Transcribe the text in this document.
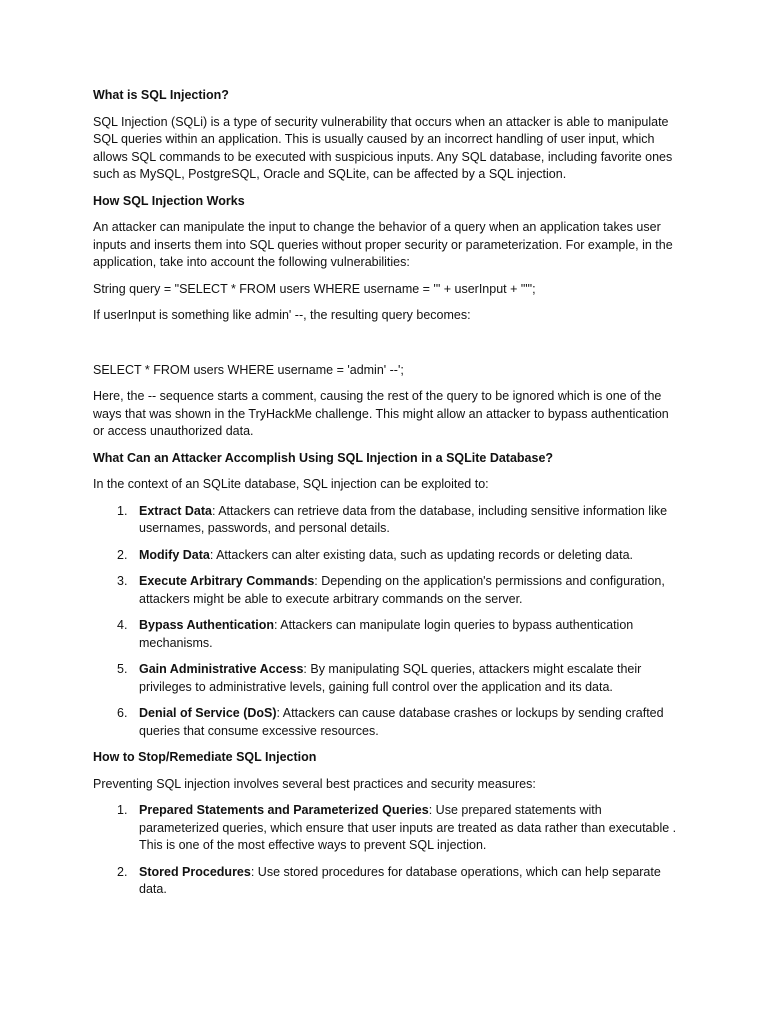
What is SQL Injection?

SQL Injection (SQLi) is a type of security vulnerability that occurs when an attacker is able to manipulate SQL queries within an application. This is usually caused by an incorrect handling of user input, which allows SQL commands to be executed with suspicious inputs. Any SQL database, including favorite ones such as MySQL, PostgreSQL, Oracle and SQLite, can be affected by a SQL injection.

How SQL Injection Works

An attacker can manipulate the input to change the behavior of a query when an application takes user inputs and inserts them into SQL queries without proper security or parameterization. For example, in the application, take into account the following vulnerabilities:

String query = "SELECT * FROM users WHERE username = '" + userInput + "'";

If userInput is something like admin' --, the resulting query becomes:

SELECT * FROM users WHERE username = 'admin' --';

Here, the -- sequence starts a comment, causing the rest of the query to be ignored which is one of the ways that was shown in the TryHackMe challenge. This might allow an attacker to bypass authentication or access unauthorized data.

What Can an Attacker Accomplish Using SQL Injection in a SQLite Database?

In the context of an SQLite database, SQL injection can be exploited to:

1. Extract Data: Attackers can retrieve data from the database, including sensitive information like usernames, passwords, and personal details.
2. Modify Data: Attackers can alter existing data, such as updating records or deleting data.
3. Execute Arbitrary Commands: Depending on the application's permissions and configuration, attackers might be able to execute arbitrary commands on the server.
4. Bypass Authentication: Attackers can manipulate login queries to bypass authentication mechanisms.
5. Gain Administrative Access: By manipulating SQL queries, attackers might escalate their privileges to administrative levels, gaining full control over the application and its data.
6. Denial of Service (DoS): Attackers can cause database crashes or lockups by sending crafted queries that consume excessive resources.
How to Stop/Remediate SQL Injection

Preventing SQL injection involves several best practices and security measures:

1. Prepared Statements and Parameterized Queries: Use prepared statements with parameterized queries, which ensure that user inputs are treated as data rather than executable . This is one of the most effective ways to prevent SQL injection.
2. Stored Procedures: Use stored procedures for database operations, which can help separate data.
